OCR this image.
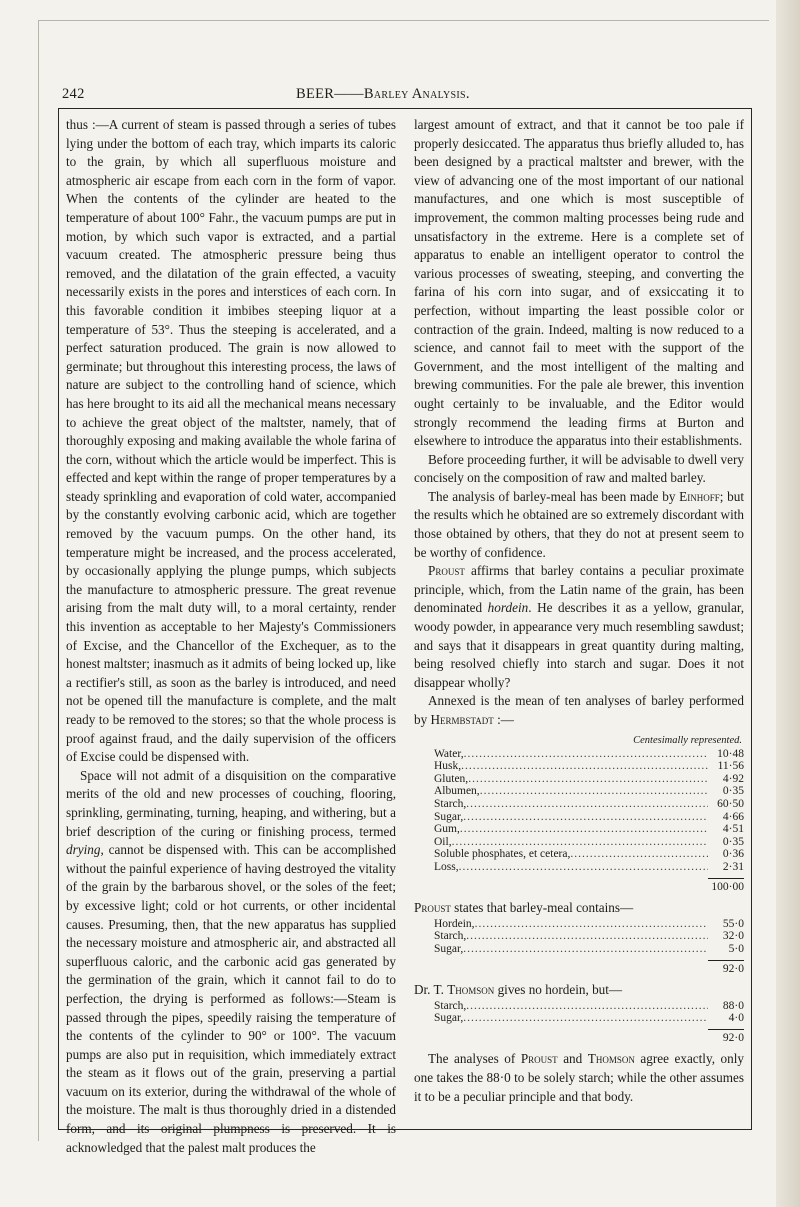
242	BEER——Barley Analysis.

thus :—A current of steam is passed through a series of tubes lying under the bottom of each tray, which imparts its caloric to the grain, by which all superfluous moisture and atmospheric air escape from each corn in the form of vapor. When the contents of the cylinder are heated to the temperature of about 100° Fahr., the vacuum pumps are put in motion, by which such vapor is extracted, and a partial vacuum created. The atmospheric pressure being thus removed, and the dilatation of the grain effected, a vacuity necessarily exists in the pores and interstices of each corn. In this favorable condition it imbibes steeping liquor at a temperature of 53°. Thus the steeping is accelerated, and a perfect saturation produced. The grain is now allowed to germinate; but throughout this interesting process, the laws of nature are subject to the controlling hand of science, which has here brought to its aid all the mechanical means necessary to achieve the great object of the maltster, namely, that of thoroughly exposing and making available the whole farina of the corn, without which the article would be imperfect. This is effected and kept within the range of proper temperatures by a steady sprinkling and evaporation of cold water, accompanied by the constantly evolving carbonic acid, which are together removed by the vacuum pumps. On the other hand, its temperature might be increased, and the process accelerated, by occasionally applying the plunge pumps, which subjects the manufacture to atmospheric pressure. The great revenue arising from the malt duty will, to a moral certainty, render this invention as acceptable to her Majesty's Commissioners of Excise, and the Chancellor of the Exchequer, as to the honest maltster; inasmuch as it admits of being locked up, like a rectifier's still, as soon as the barley is introduced, and need not be opened till the manufacture is complete, and the malt ready to be removed to the stores; so that the whole process is proof against fraud, and the daily supervision of the officers of Excise could be dispensed with.

Space will not admit of a disquisition on the comparative merits of the old and new processes of couching, flooring, sprinkling, germinating, turning, heaping, and withering, but a brief description of the curing or finishing process, termed drying, cannot be dispensed with. This can be accomplished without the painful experience of having destroyed the vitality of the grain by the barbarous shovel, or the soles of the feet; by excessive light; cold or hot currents, or other incidental causes. Presuming, then, that the new apparatus has supplied the necessary moisture and atmospheric air, and abstracted all superfluous caloric, and the carbonic acid gas generated by the germination of the grain, which it cannot fail to do to perfection, the drying is performed as follows:—Steam is passed through the pipes, speedily raising the temperature of the contents of the cylinder to 90° or 100°. The vacuum pumps are also put in requisition, which immediately extract the steam as it flows out of the grain, preserving a partial vacuum on its exterior, during the withdrawal of the whole of the moisture. The malt is thus thoroughly dried in a distended form, and its original plumpness is preserved. It is acknowledged that the palest malt produces the

largest amount of extract, and that it cannot be too pale if properly desiccated. The apparatus thus briefly alluded to, has been designed by a practical maltster and brewer, with the view of advancing one of the most important of our national manufactures, and one which is most susceptible of improvement, the common malting processes being rude and unsatisfactory in the extreme. Here is a complete set of apparatus to enable an intelligent operator to control the various processes of sweating, steeping, and converting the farina of his corn into sugar, and of exsiccating it to perfection, without imparting the least possible color or contraction of the grain. Indeed, malting is now reduced to a science, and cannot fail to meet with the support of the Government, and the most intelligent of the malting and brewing communities. For the pale ale brewer, this invention ought certainly to be invaluable, and the Editor would strongly recommend the leading firms at Burton and elsewhere to introduce the apparatus into their establishments.

Before proceeding further, it will be advisable to dwell very concisely on the composition of raw and malted barley.

The analysis of barley-meal has been made by Einhoff; but the results which he obtained are so extremely discordant with those obtained by others, that they do not at present seem to be worthy of confidence.

Proust affirms that barley contains a peculiar proximate principle, which, from the Latin name of the grain, has been denominated hordein. He describes it as a yellow, granular, woody powder, in appearance very much resembling sawdust; and says that it disappears in great quantity during malting, being resolved chiefly into starch and sugar. Does it not disappear wholly?

Annexed is the mean of ten analyses of barley performed by Hermbstadt :—

Centesimally represented.
Water, .....	10·48
Husk, .....	11·56
Gluten, .....	4·92
Albumen, .....	0·35
Starch, .....	60·50
Sugar, .....	4·66
Gum, .....	4·51
Oil, .....	0·35
Soluble phosphates, et cetera, .....	0·36
Loss, .....	2·31
100·00

Proust states that barley-meal contains—

Hordein, .....	55·0
Starch, .....	32·0
Sugar, .....	5·0
92·0

Dr. T. Thomson gives no hordein, but—

Starch, .....	88·0
Sugar, .....	4·0
92·0

The analyses of Proust and Thomson agree exactly, only one takes the 88·0 to be solely starch; while the other assumes it to be a peculiar principle and that body.
